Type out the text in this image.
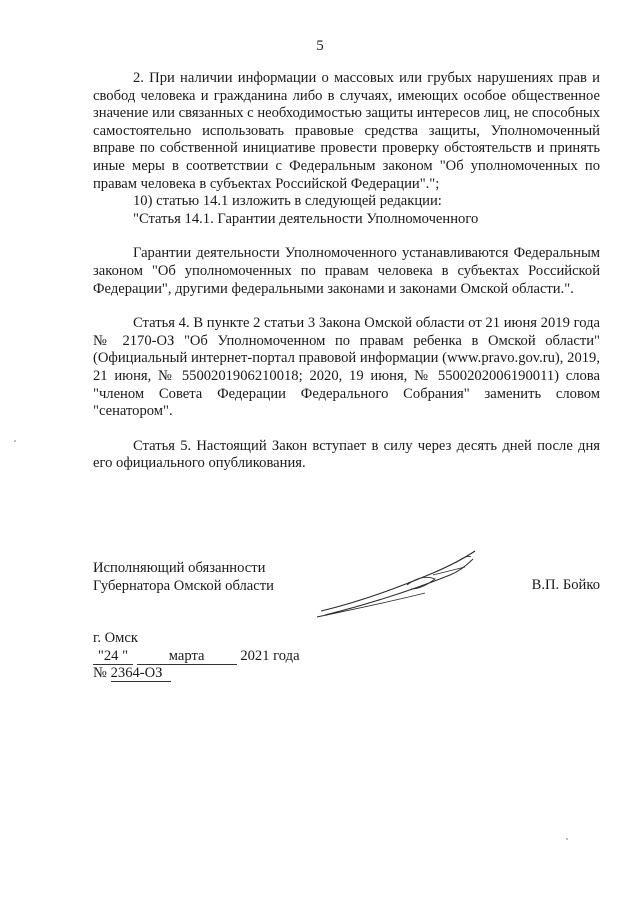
5

2. При наличии информации о массовых или грубых нарушениях прав и свобод человека и гражданина либо в случаях, имеющих особое общественное значение или связанных с необходимостью защиты интересов лиц, не способных самостоятельно использовать правовые средства защиты, Уполномоченный вправе по собственной инициативе провести проверку обстоятельств и принять иные меры в соответствии с Федеральным законом "Об уполномоченных по правам человека в субъектах Российской Федерации".";

10) статью 14.1 изложить в следующей редакции:

"Статья 14.1. Гарантии деятельности Уполномоченного

Гарантии деятельности Уполномоченного устанавливаются Федеральным законом "Об уполномоченных по правам человека в субъектах Российской Федерации", другими федеральными законами и законами Омской области.".

Статья 4. В пункте 2 статьи 3 Закона Омской области от 21 июня 2019 года № 2170-ОЗ "Об Уполномоченном по правам ребенка в Омской области" (Официальный интернет-портал правовой информации (www.pravo.gov.ru), 2019, 21 июня, № 5500201906210018; 2020, 19 июня, № 5500202006190011) слова "членом Совета Федерации Федерального Собрания" заменить словом "сенатором".

Статья 5. Настоящий Закон вступает в силу через десять дней после дня его официального опубликования.

Исполняющий обязанности

Губернатора Омской области	В.П. Бойко

г. Омск

"24 "	марта 2021 года

№ 2364-ОЗ
